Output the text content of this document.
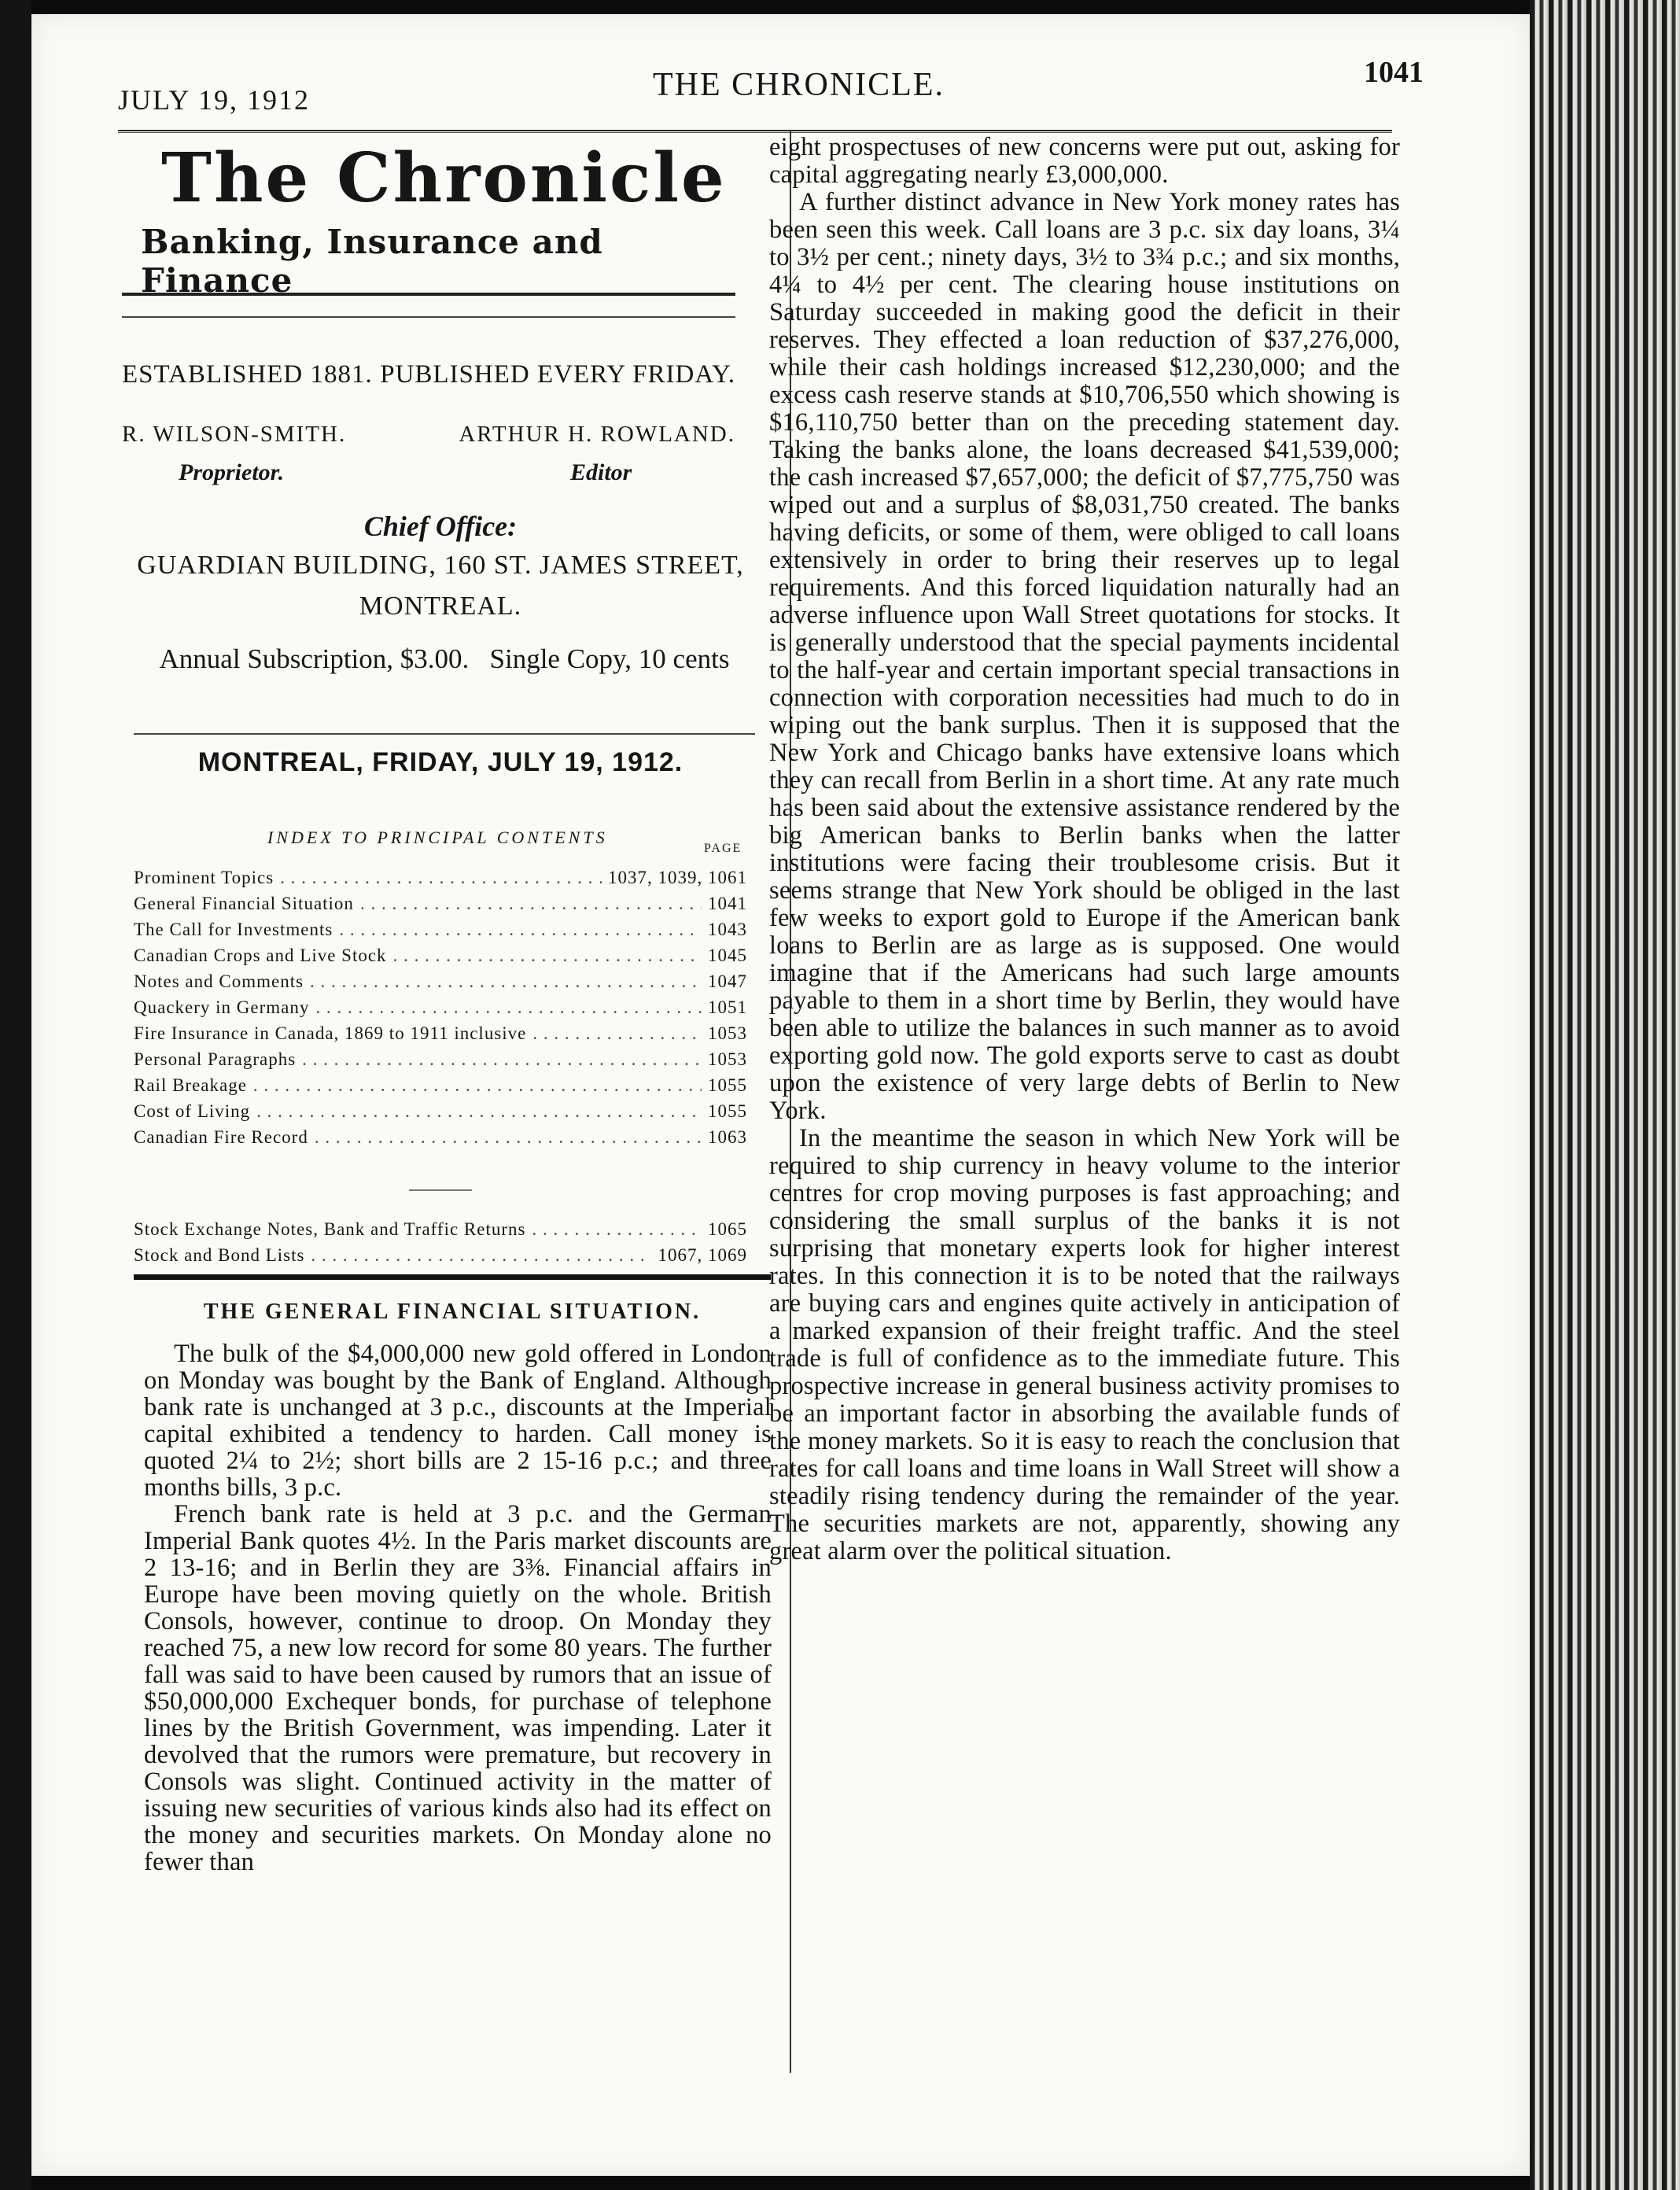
JULY 19, 1912	THE CHRONICLE.	1041
The Chronicle
Banking, Insurance and Finance
ESTABLISHED 1881. PUBLISHED EVERY FRIDAY.
R. WILSON-SMITH.	ARTHUR H. ROWLAND.
Proprietor.	Editor
Chief Office:
GUARDIAN BUILDING, 160 ST. JAMES STREET,
MONTREAL.
Annual Subscription, $3.00.   Single Copy, 10 cents
MONTREAL, FRIDAY, JULY 19, 1912.
INDEX TO PRINCIPAL CONTENTS
PAGE
Prominent Topics . . .	1037, 1039, 1061
General Financial Situation . . .	1041
The Call for Investments . . .	1043
Canadian Crops and Live Stock . . .	1045
Notes and Comments . . .	1047
Quackery in Germany . . .	1051
Fire Insurance in Canada, 1869 to 1911 inclusive . . .	1053
Personal Paragraphs . . .	1053
Rail Breakage . . .	1055
Cost of Living . . .	1055
Canadian Fire Record . . .	1063
Stock Exchange Notes, Bank and Traffic Returns . . .	1065
Stock and Bond Lists . . .	1067, 1069
THE GENERAL FINANCIAL SITUATION.

The bulk of the $4,000,000 new gold offered in London on Monday was bought by the Bank of England. Although bank rate is unchanged at 3 p.c., discounts at the Imperial capital exhibited a tendency to harden. Call money is quoted 2¼ to 2½; short bills are 2 15-16 p.c.; and three months bills, 3 p.c.

French bank rate is held at 3 p.c. and the German Imperial Bank quotes 4½. In the Paris market discounts are 2 13-16; and in Berlin they are 3⅜. Financial affairs in Europe have been moving quietly on the whole. British Consols, however, continue to droop. On Monday they reached 75, a new low record for some 80 years. The further fall was said to have been caused by rumors that an issue of $50,000,000 Exchequer bonds, for purchase of telephone lines by the British Government, was impending. Later it devolved that the rumors were premature, but recovery in Consols was slight. Continued activity in the matter of issuing new securities of various kinds also had its effect on the money and securities markets. On Monday alone no fewer than

eight prospectuses of new concerns were put out, asking for capital aggregating nearly £3,000,000.

A further distinct advance in New York money rates has been seen this week. Call loans are 3 p.c. six day loans, 3¼ to 3½ per cent.; ninety days, 3½ to 3¾ p.c.; and six months, 4¼ to 4½ per cent. The clearing house institutions on Saturday succeeded in making good the deficit in their reserves. They effected a loan reduction of $37,276,000, while their cash holdings increased $12,230,000; and the excess cash reserve stands at $10,706,550 which showing is $16,110,750 better than on the preceding statement day. Taking the banks alone, the loans decreased $41,539,000; the cash increased $7,657,000; the deficit of $7,775,750 was wiped out and a surplus of $8,031,750 created. The banks having deficits, or some of them, were obliged to call loans extensively in order to bring their reserves up to legal requirements. And this forced liquidation naturally had an adverse influence upon Wall Street quotations for stocks. It is generally understood that the special payments incidental to the half-year and certain important special transactions in connection with corporation necessities had much to do in wiping out the bank surplus. Then it is supposed that the New York and Chicago banks have extensive loans which they can recall from Berlin in a short time. At any rate much has been said about the extensive assistance rendered by the big American banks to Berlin banks when the latter institutions were facing their troublesome crisis. But it seems strange that New York should be obliged in the last few weeks to export gold to Europe if the American bank loans to Berlin are as large as is supposed. One would imagine that if the Americans had such large amounts payable to them in a short time by Berlin, they would have been able to utilize the balances in such manner as to avoid exporting gold now. The gold exports serve to cast as doubt upon the existence of very large debts of Berlin to New York.

In the meantime the season in which New York will be required to ship currency in heavy volume to the interior centres for crop moving purposes is fast approaching; and considering the small surplus of the banks it is not surprising that monetary experts look for higher interest rates. In this connection it is to be noted that the railways are buying cars and engines quite actively in anticipation of a marked expansion of their freight traffic. And the steel trade is full of confidence as to the immediate future. This prospective increase in general business activity promises to be an important factor in absorbing the available funds of the money markets. So it is easy to reach the conclusion that rates for call loans and time loans in Wall Street will show a steadily rising tendency during the remainder of the year. The securities markets are not, apparently, showing any great alarm over the political situation.
